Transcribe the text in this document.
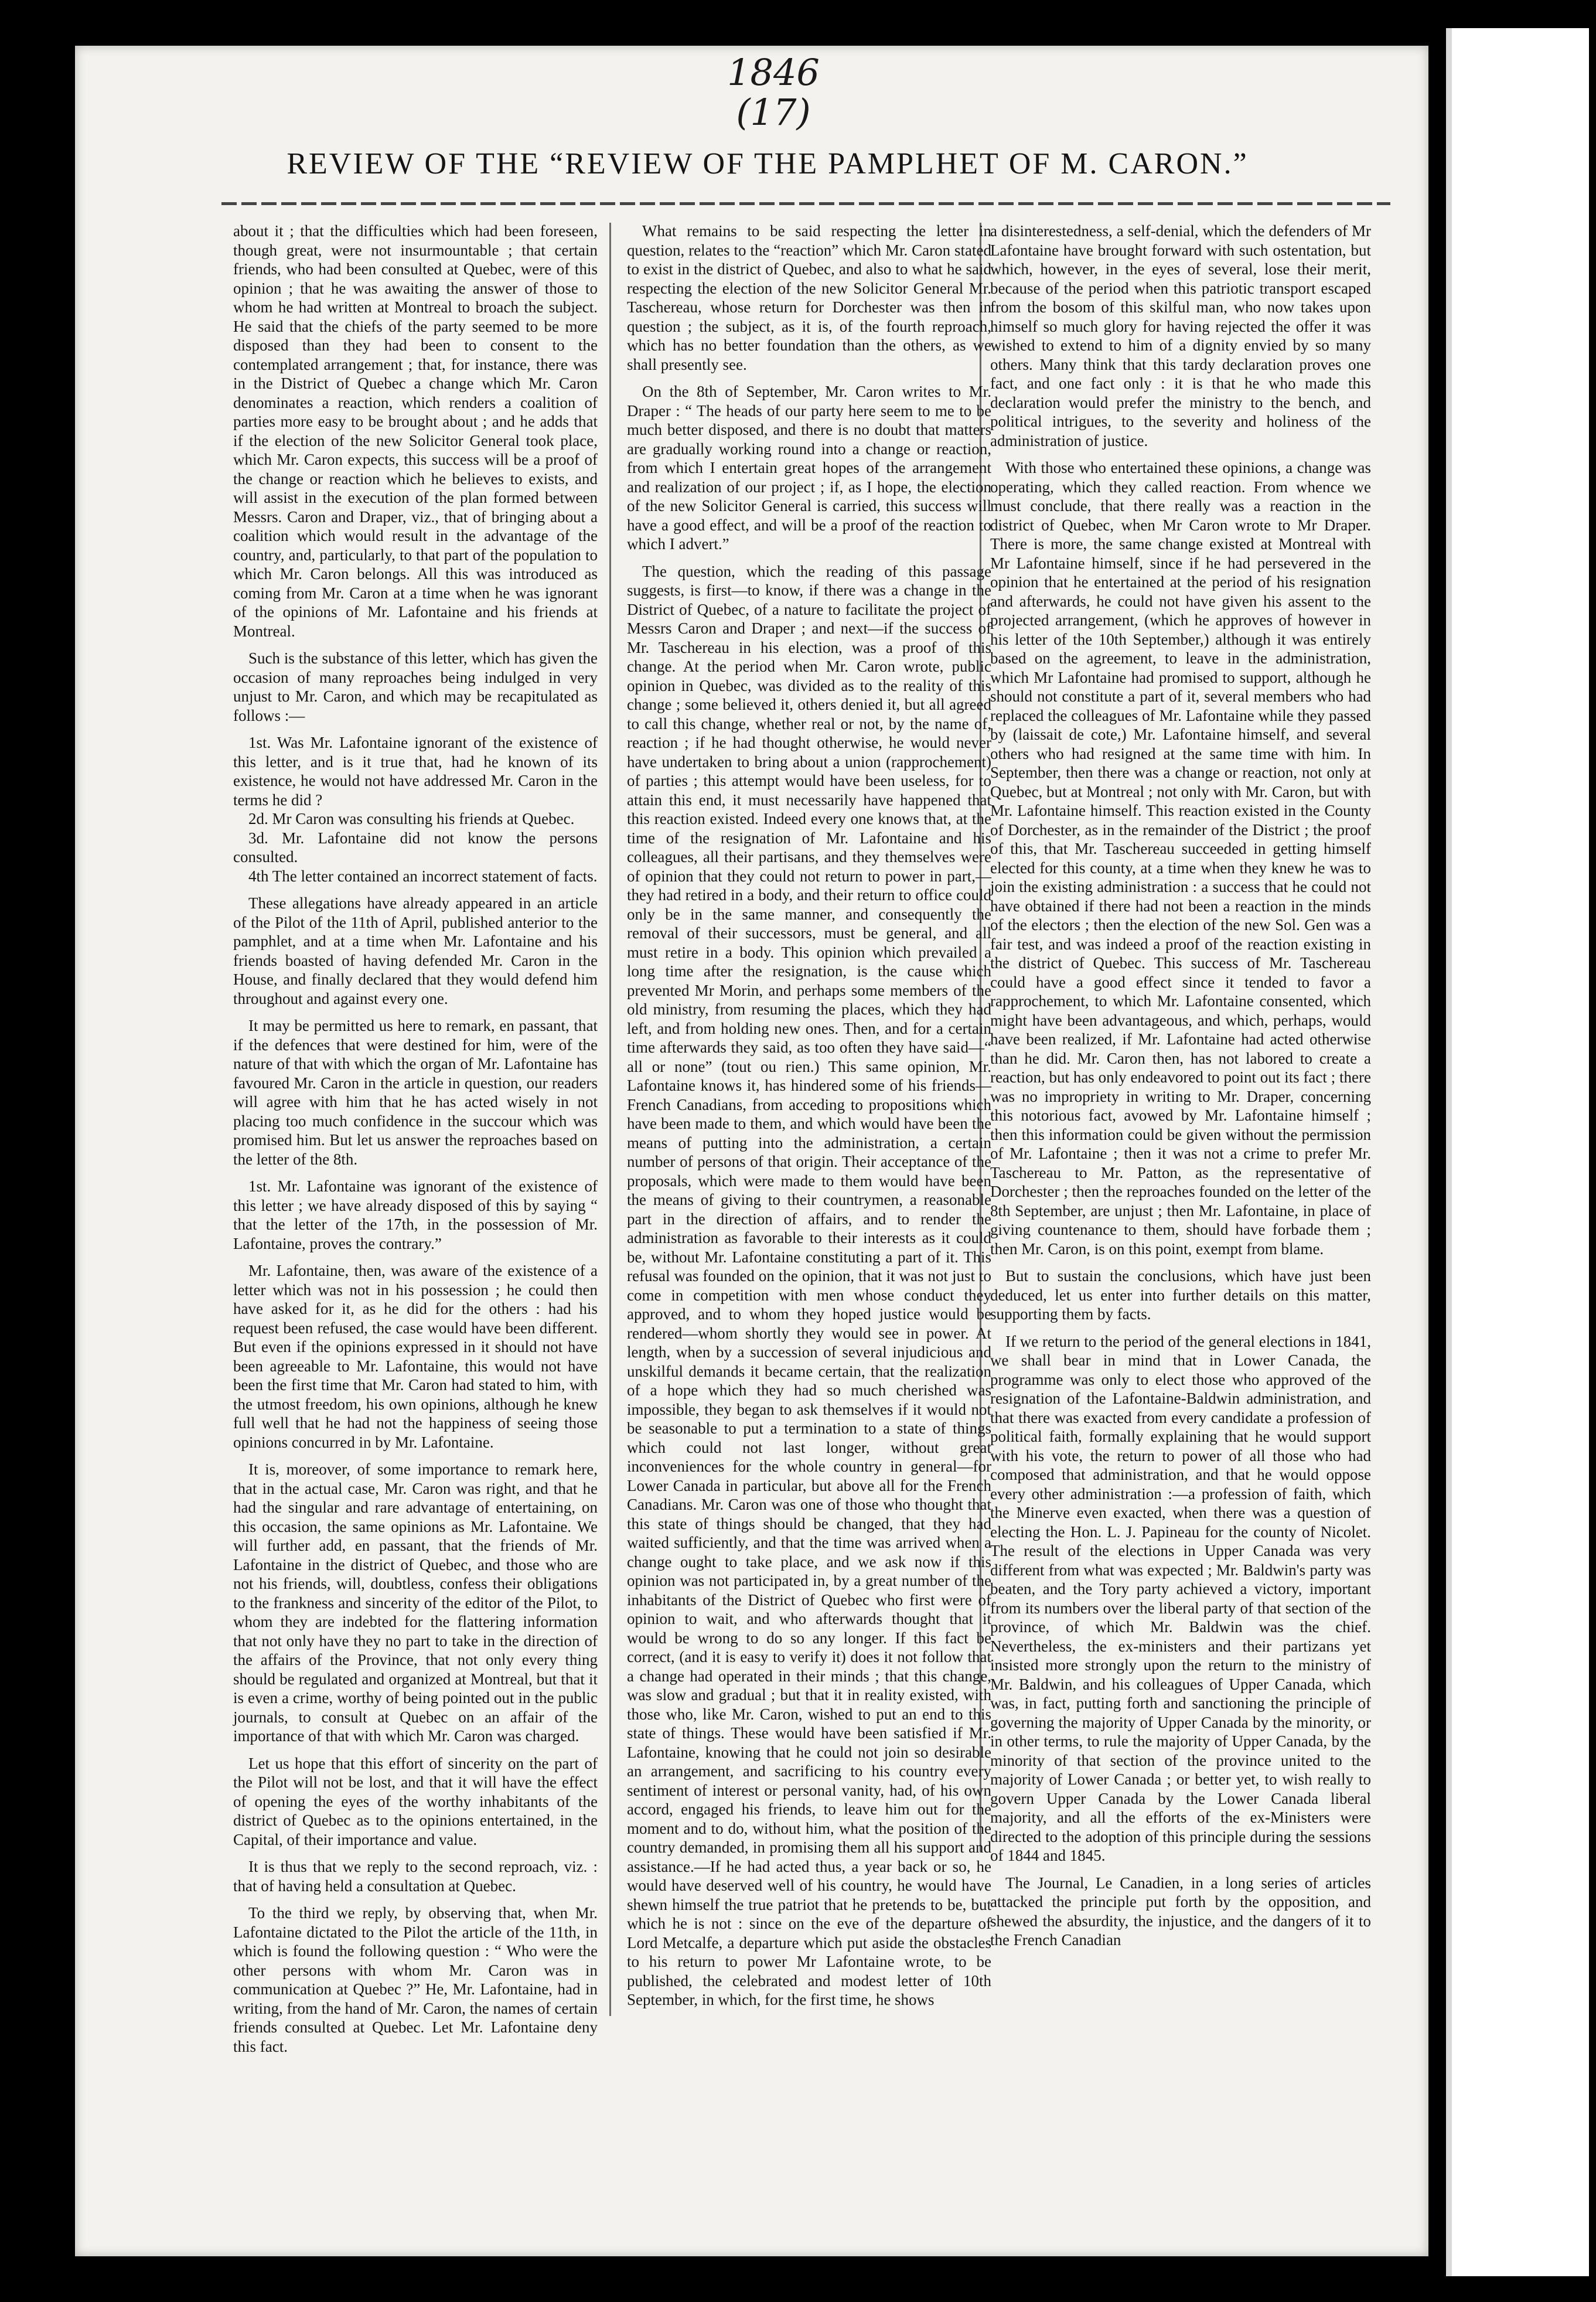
1846
(17)
REVIEW OF THE “REVIEW OF THE PAMPLHET OF M. CARON.”

about it ; that the difficulties which had been foreseen, though great, were not insurmountable ; that certain friends, who had been consulted at Quebec, were of this opinion ; that he was awaiting the answer of those to whom he had written at Montreal to broach the subject. He said that the chiefs of the party seemed to be more disposed than they had been to consent to the contemplated arrangement ; that, for instance, there was in the District of Quebec a change which Mr. Caron denominates a reaction, which renders a coalition of parties more easy to be brought about ; and he adds that if the election of the new Solicitor General took place, which Mr. Caron expects, this success will be a proof of the change or reaction which he believes to exists, and will assist in the execution of the plan formed between Messrs. Caron and Draper, viz., that of bringing about a coalition which would result in the advantage of the country, and, particularly, to that part of the population to which Mr. Caron belongs. All this was introduced as coming from Mr. Caron at a time when he was ignorant of the opinions of Mr. Lafontaine and his friends at Montreal.

Such is the substance of this letter, which has given the occasion of many reproaches being indulged in very unjust to Mr. Caron, and which may be recapitulated as follows :—

1st. Was Mr. Lafontaine ignorant of the existence of this letter, and is it true that, had he known of its existence, he would not have addressed Mr. Caron in the terms he did ?

2d. Mr Caron was consulting his friends at Quebec.

3d. Mr. Lafontaine did not know the persons consulted.

4th The letter contained an incorrect statement of facts.

These allegations have already appeared in an article of the Pilot of the 11th of April, published anterior to the pamphlet, and at a time when Mr. Lafontaine and his friends boasted of having defended Mr. Caron in the House, and finally declared that they would defend him throughout and against every one.

It may be permitted us here to remark, en passant, that if the defences that were destined for him, were of the nature of that with which the organ of Mr. Lafontaine has favoured Mr. Caron in the article in question, our readers will agree with him that he has acted wisely in not placing too much confidence in the succour which was promised him. But let us answer the reproaches based on the letter of the 8th.

1st. Mr. Lafontaine was ignorant of the existence of this letter ; we have already disposed of this by saying “ that the letter of the 17th, in the possession of Mr. Lafontaine, proves the contrary.”

Mr. Lafontaine, then, was aware of the existence of a letter which was not in his possession ; he could then have asked for it, as he did for the others : had his request been refused, the case would have been different. But even if the opinions expressed in it should not have been agreeable to Mr. Lafontaine, this would not have been the first time that Mr. Caron had stated to him, with the utmost freedom, his own opinions, although he knew full well that he had not the happiness of seeing those opinions concurred in by Mr. Lafontaine.

It is, moreover, of some importance to remark here, that in the actual case, Mr. Caron was right, and that he had the singular and rare advantage of entertaining, on this occasion, the same opinions as Mr. Lafontaine. We will further add, en passant, that the friends of Mr. Lafontaine in the district of Quebec, and those who are not his friends, will, doubtless, confess their obligations to the frankness and sincerity of the editor of the Pilot, to whom they are indebted for the flattering information that not only have they no part to take in the direction of the affairs of the Province, that not only every thing should be regulated and organized at Montreal, but that it is even a crime, worthy of being pointed out in the public journals, to consult at Quebec on an affair of the importance of that with which Mr. Caron was charged.

Let us hope that this effort of sincerity on the part of the Pilot will not be lost, and that it will have the effect of opening the eyes of the worthy inhabitants of the district of Quebec as to the opinions entertained, in the Capital, of their importance and value.

It is thus that we reply to the second reproach, viz. : that of having held a consultation at Quebec.

To the third we reply, by observing that, when Mr. Lafontaine dictated to the Pilot the article of the 11th, in which is found the following question : “ Who were the other persons with whom Mr. Caron was in communication at Quebec ?” He, Mr. Lafontaine, had in writing, from the hand of Mr. Caron, the names of certain friends consulted at Quebec. Let Mr. Lafontaine deny this fact.

What remains to be said respecting the letter in question, relates to the “reaction” which Mr. Caron stated to exist in the district of Quebec, and also to what he said respecting the election of the new Solicitor General Mr. Taschereau, whose return for Dorchester was then in question ; the subject, as it is, of the fourth reproach, which has no better foundation than the others, as we shall presently see.

On the 8th of September, Mr. Caron writes to Mr. Draper : “ The heads of our party here seem to me to be much better disposed, and there is no doubt that matters are gradually working round into a change or reaction, from which I entertain great hopes of the arrangement and realization of our project ; if, as I hope, the election of the new Solicitor General is carried, this success will have a good effect, and will be a proof of the reaction to which I advert.”

The question, which the reading of this passage suggests, is first—to know, if there was a change in the District of Quebec, of a nature to facilitate the project of Messrs Caron and Draper ; and next—if the success of Mr. Taschereau in his election, was a proof of this change. At the period when Mr. Caron wrote, public opinion in Quebec, was divided as to the reality of this change ; some believed it, others denied it, but all agreed to call this change, whether real or not, by the name of, reaction ; if he had thought otherwise, he would never have undertaken to bring about a union (rapprochement) of parties ; this attempt would have been useless, for to attain this end, it must necessarily have happened that this reaction existed. Indeed every one knows that, at the time of the resignation of Mr. Lafontaine and his colleagues, all their partisans, and they themselves were of opinion that they could not return to power in part,—they had retired in a body, and their return to office could only be in the same manner, and consequently the removal of their successors, must be general, and all must retire in a body. This opinion which prevailed a long time after the resignation, is the cause which prevented Mr Morin, and perhaps some members of the old ministry, from resuming the places, which they had left, and from holding new ones. Then, and for a certain time afterwards they said, as too often they have said—“ all or none” (tout ou rien.) This same opinion, Mr. Lafontaine knows it, has hindered some of his friends—French Canadians, from acceding to propositions which have been made to them, and which would have been the means of putting into the administration, a certain number of persons of that origin. Their acceptance of the proposals, which were made to them would have been the means of giving to their countrymen, a reasonable part in the direction of affairs, and to render the administration as favorable to their interests as it could be, without Mr. Lafontaine constituting a part of it. This refusal was founded on the opinion, that it was not just to come in competition with men whose conduct they approved, and to whom they hoped justice would be rendered—whom shortly they would see in power. At length, when by a succession of several injudicious and unskilful demands it became certain, that the realization of a hope which they had so much cherished was impossible, they began to ask themselves if it would not be seasonable to put a termination to a state of things which could not last longer, without great inconveniences for the whole country in general—for Lower Canada in particular, but above all for the French Canadians. Mr. Caron was one of those who thought that this state of things should be changed, that they had waited sufficiently, and that the time was arrived when a change ought to take place, and we ask now if this opinion was not participated in, by a great number of the inhabitants of the District of Quebec who first were of opinion to wait, and who afterwards thought that it would be wrong to do so any longer. If this fact be correct, (and it is easy to verify it) does it not follow that a change had operated in their minds ; that this change, was slow and gradual ; but that it in reality existed, with those who, like Mr. Caron, wished to put an end to this state of things. These would have been satisfied if Mr. Lafontaine, knowing that he could not join so desirable an arrangement, and sacrificing to his country every sentiment of interest or personal vanity, had, of his own accord, engaged his friends, to leave him out for the moment and to do, without him, what the position of the country demanded, in promising them all his support and assistance.—If he had acted thus, a year back or so, he would have deserved well of his country, he would have shewn himself the true patriot that he pretends to be, but which he is not : since on the eve of the departure of Lord Metcalfe, a departure which put aside the obstacles to his return to power Mr Lafontaine wrote, to be published, the celebrated and modest letter of 10th September, in which, for the first time, he shows

a disinterestedness, a self-denial, which the defenders of Mr Lafontaine have brought forward with such ostentation, but which, however, in the eyes of several, lose their merit, because of the period when this patriotic transport escaped from the bosom of this skilful man, who now takes upon himself so much glory for having rejected the offer it was wished to extend to him of a dignity envied by so many others. Many think that this tardy declaration proves one fact, and one fact only : it is that he who made this declaration would prefer the ministry to the bench, and political intrigues, to the severity and holiness of the administration of justice.

With those who entertained these opinions, a change was operating, which they called reaction. From whence we must conclude, that there really was a reaction in the district of Quebec, when Mr Caron wrote to Mr Draper. There is more, the same change existed at Montreal with Mr Lafontaine himself, since if he had persevered in the opinion that he entertained at the period of his resignation and afterwards, he could not have given his assent to the projected arrangement, (which he approves of however in his letter of the 10th September,) although it was entirely based on the agreement, to leave in the administration, which Mr Lafontaine had promised to support, although he should not constitute a part of it, several members who had replaced the colleagues of Mr. Lafontaine while they passed by (laissait de cote,) Mr. Lafontaine himself, and several others who had resigned at the same time with him. In September, then there was a change or reaction, not only at Quebec, but at Montreal ; not only with Mr. Caron, but with Mr. Lafontaine himself. This reaction existed in the County of Dorchester, as in the remainder of the District ; the proof of this, that Mr. Taschereau succeeded in getting himself elected for this county, at a time when they knew he was to join the existing administration : a success that he could not have obtained if there had not been a reaction in the minds of the electors ; then the election of the new Sol. Gen was a fair test, and was indeed a proof of the reaction existing in the district of Quebec. This success of Mr. Taschereau could have a good effect since it tended to favor a rapprochement, to which Mr. Lafontaine consented, which might have been advantageous, and which, perhaps, would have been realized, if Mr. Lafontaine had acted otherwise than he did. Mr. Caron then, has not labored to create a reaction, but has only endeavored to point out its fact ; there was no impropriety in writing to Mr. Draper, concerning this notorious fact, avowed by Mr. Lafontaine himself ; then this information could be given without the permission of Mr. Lafontaine ; then it was not a crime to prefer Mr. Taschereau to Mr. Patton, as the representative of Dorchester ; then the reproaches founded on the letter of the 8th September, are unjust ; then Mr. Lafontaine, in place of giving countenance to them, should have forbade them ; then Mr. Caron, is on this point, exempt from blame.

But to sustain the conclusions, which have just been deduced, let us enter into further details on this matter, supporting them by facts.

If we return to the period of the general elections in 1841, we shall bear in mind that in Lower Canada, the programme was only to elect those who approved of the resignation of the Lafontaine-Baldwin administration, and that there was exacted from every candidate a profession of political faith, formally explaining that he would support with his vote, the return to power of all those who had composed that administration, and that he would oppose every other administration :—a profession of faith, which the Minerve even exacted, when there was a question of electing the Hon. L. J. Papineau for the county of Nicolet. The result of the elections in Upper Canada was very different from what was expected ; Mr. Baldwin's party was beaten, and the Tory party achieved a victory, important from its numbers over the liberal party of that section of the province, of which Mr. Baldwin was the chief. Nevertheless, the ex-ministers and their partizans yet insisted more strongly upon the return to the ministry of Mr. Baldwin, and his colleagues of Upper Canada, which was, in fact, putting forth and sanctioning the principle of governing the majority of Upper Canada by the minority, or in other terms, to rule the majority of Upper Canada, by the minority of that section of the province united to the majority of Lower Canada ; or better yet, to wish really to govern Upper Canada by the Lower Canada liberal majority, and all the efforts of the ex-Ministers were directed to the adoption of this principle during the sessions of 1844 and 1845.

The Journal, Le Canadien, in a long series of articles attacked the principle put forth by the opposition, and shewed the absurdity, the injustice, and the dangers of it to the French Canadian
